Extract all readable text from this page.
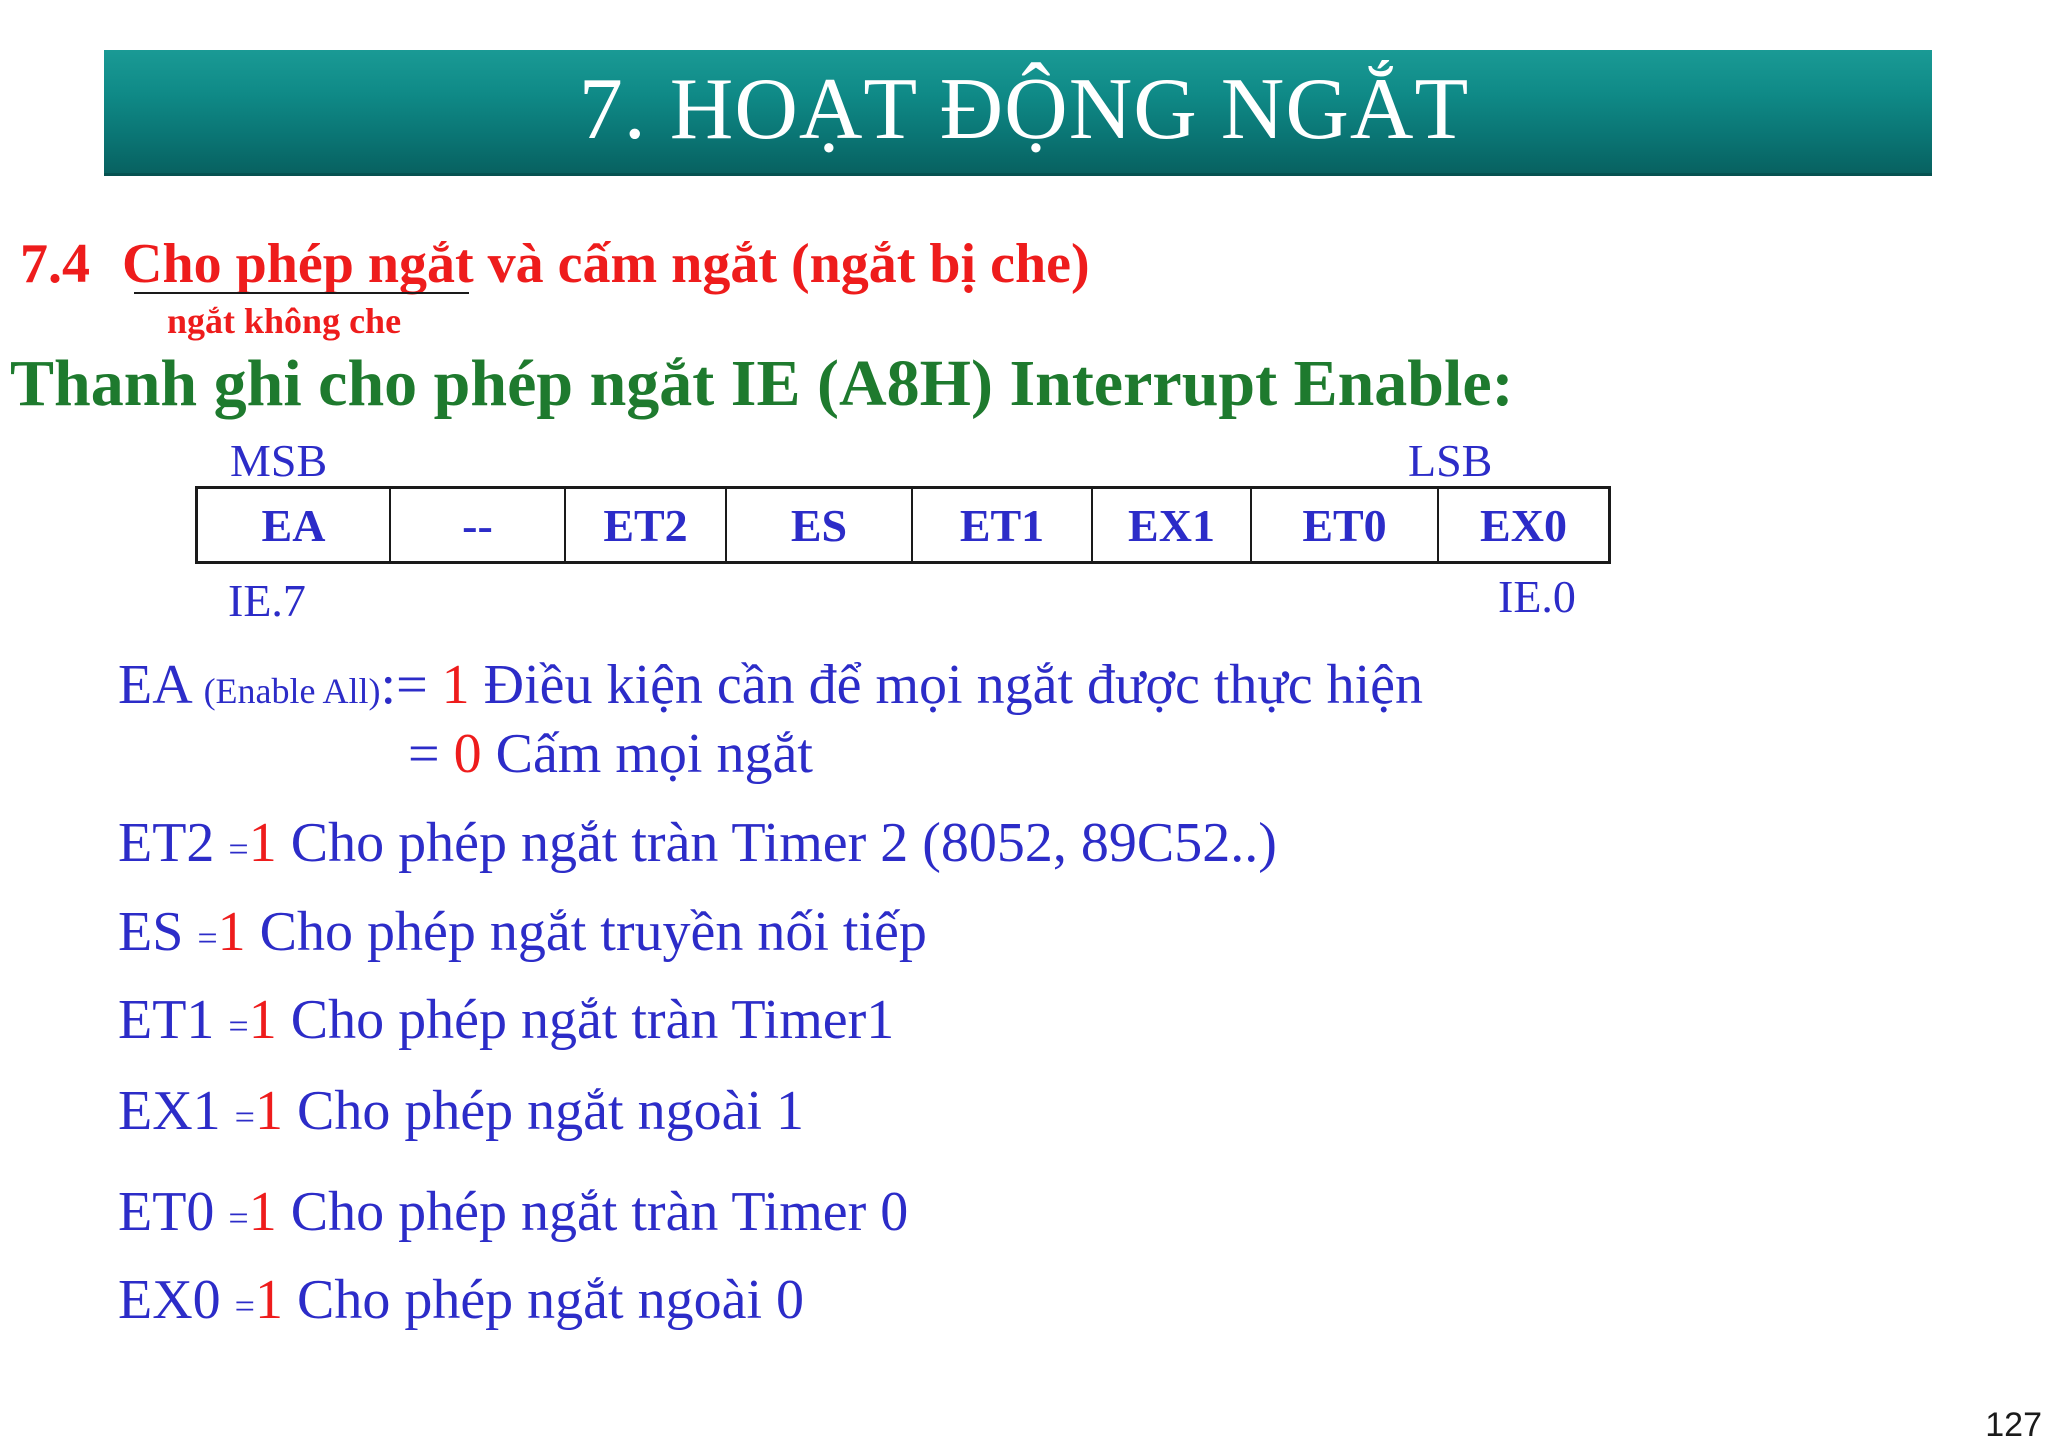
7. HOẠT ĐỘNG NGẮT
7.4 Cho phép ngắt và cấm ngắt (ngắt bị che)
ngắt không che
Thanh ghi cho phép ngắt IE (A8H) Interrupt Enable:
MSB	LSB
EA	--	ET2	ES	ET1	EX1	ET0	EX0
IE.7	IE.0
EA (Enable All):= 1 Điều kiện cần để mọi ngắt được thực hiện
= 0 Cấm mọi ngắt
ET2 =1 Cho phép ngắt tràn Timer 2 (8052, 89C52..)
ES =1 Cho phép ngắt truyền nối tiếp
ET1 =1 Cho phép ngắt tràn Timer1
EX1 =1 Cho phép ngắt ngoài 1
ET0 =1 Cho phép ngắt tràn Timer 0
EX0 =1 Cho phép ngắt ngoài 0
127
